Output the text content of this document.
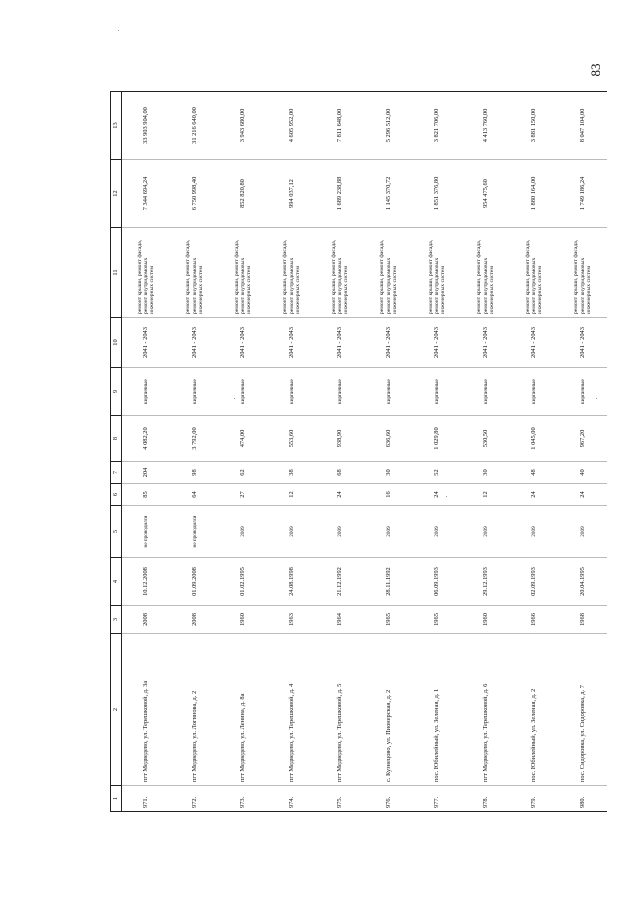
83
1	2	3	4	5	6	7	8	9	10	11	12	13
971.	пгт Медведево, ул. Терешковой, д. 3а	2008	10.12.2008	не проводился	85	204	4 082,20	кирпичные	2041 - 2043	ремонт крыши, ремонт фасада, ремонт внутридомовых инженерных систем	7 344 694,24	33 903 904,00
972.	пгт Медведево, ул. Логинова, д. 2	2008	01.09.2008	не проводился	64	98	3 792,00	кирпичные	2041 - 2043	ремонт крыши, ремонт фасада, ремонт внутридомовых инженерных систем	6 750 998,40	31 216 640,00
973.	пгт Медведево, ул. Ленина, д. 8а	1960	01.02.1995	2009	27	62	474,00	кирпичные	2041 - 2043	ремонт крыши, ремонт фасада, ремонт внутридомовых инженерных систем	852 820,80	3 943 680,00
974.	пгт Медведево, ул. Терешковой, д. 4	1963	24.08.1998	2009	12	38	553,60	кирпичные	2041 - 2043	ремонт крыши, ремонт фасада, ремонт внутридомовых инженерных систем	994 037,12	4 605 952,00
975.	пгт Медведево, ул. Терешковой, д. 5	1964	21.12.1992	2009	24	68	938,90	кирпичные	2041 - 2043	ремонт крыши, ремонт фасада, ремонт внутридомовых инженерных систем	1 689 238,88	7 811 648,00
976.	с. Кузнецово, ул. Пионерская, д. 2	1965	28.11.1992	2009	16	30	636,60	кирпичные	2041 - 2043	ремонт крыши, ремонт фасада, ремонт внутридомовых инженерных систем	1 145 370,72	5 296 512,00
977.	пос. Юбилейный, ул. Зеленая, д. 1	1965	06.09.1993	2009	24	52	1 029,80	кирпичные	2041 - 2043	ремонт крыши, ремонт фасада, ремонт внутридомовых инженерных систем	1 851 376,80	3 821 706,00
978.	пгт Медведево, ул. Терешковой, д. 6	1960	29.12.1993	2009	12	30	530,50	кирпичные	2041 - 2043	ремонт крыши, ремонт фасада, ремонт внутридомовых инженерных систем	954 475,60	4 413 760,00
979.	пос. Юбилейный, ул. Зеленая, д. 2	1966	02.09.1993	2009	24	48	1 045,00	кирпичные	2041 - 2043	ремонт крыши, ремонт фасада, ремонт внутридомовых инженерных систем	1 880 164,00	3 881 150,00
980.	пос. Сидоровка, ул. Сидоровка, д. 7	1968	20.04.1995	2009	24	40	967,20	кирпичные	2041 - 2043	ремонт крыши, ремонт фасада, ремонт внутридомовых инженерных систем	1 749 186,24	8 047 104,00
